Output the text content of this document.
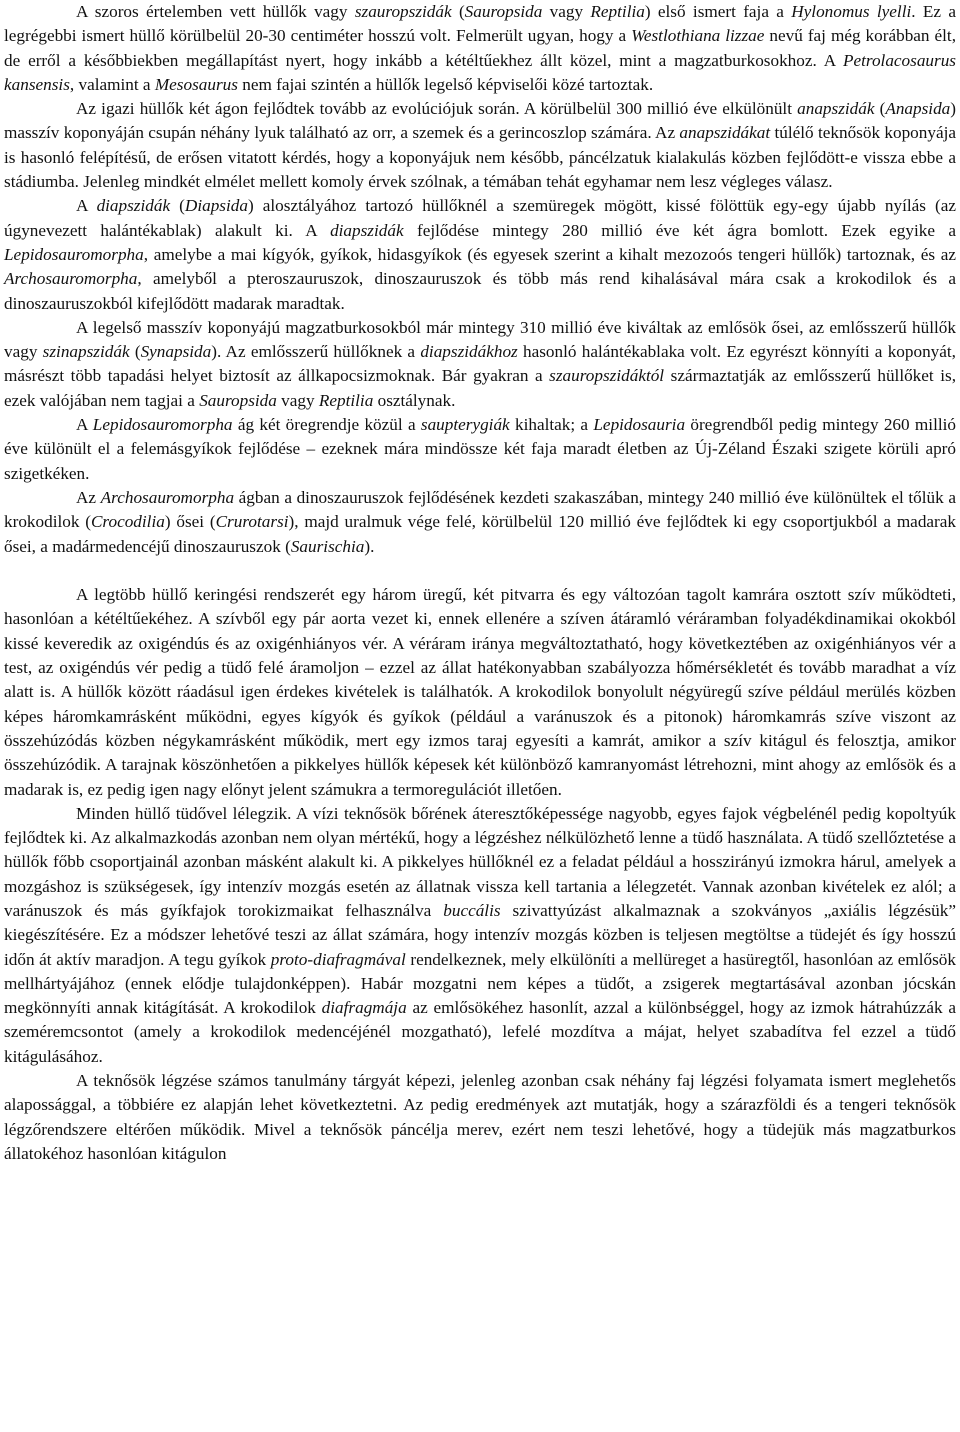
A szoros értelemben vett hüllők vagy szauropszidák (Sauropsida vagy Reptilia) első ismert faja a Hylonomus lyelli. Ez a legrégebbi ismert hüllő körülbelül 20-30 centiméter hosszú volt. Felmerült ugyan, hogy a Westlothiana lizzae nevű faj még korábban élt, de erről a későbbiekben megállapítást nyert, hogy inkább a kétéltűekhez állt közel, mint a magzatburkosokhoz. A Petrolacosaurus kansensis, valamint a Mesosaurus nem fajai szintén a hüllők legelső képviselői közé tartoztak.

Az igazi hüllők két ágon fejlődtek tovább az evolúciójuk során. A körülbelül 300 millió éve elkülönült anapszidák (Anapsida) masszív koponyáján csupán néhány lyuk található az orr, a szemek és a gerincoszlop számára. Az anapszidákat túlélő teknősök koponyája is hasonló felépítésű, de erősen vitatott kérdés, hogy a koponyájuk nem később, páncélzatuk kialakulás közben fejlődött-e vissza ebbe a stádiumba. Jelenleg mindkét elmélet mellett komoly érvek szólnak, a témában tehát egyhamar nem lesz végleges válasz.

A diapszidák (Diapsida) alosztályához tartozó hüllőknél a szemüregek mögött, kissé fölöttük egy-egy újabb nyílás (az úgynevezett halántékablak) alakult ki. A diapszidák fejlődése mintegy 280 millió éve két ágra bomlott. Ezek egyike a Lepidosauromorpha, amelybe a mai kígyók, gyíkok, hidasgyíkok (és egyesek szerint a kihalt mezozoós tengeri hüllők) tartoznak, és az Archosauromorpha, amelyből a pteroszauruszok, dinoszauruszok és több más rend kihalásával mára csak a krokodilok és a dinoszauruszokból kifejlődött madarak maradtak.

A legelső masszív koponyájú magzatburkosokból már mintegy 310 millió éve kiváltak az emlősök ősei, az emlősszerű hüllők vagy szinapszidák (Synapsida). Az emlősszerű hüllőknek a diapszidákhoz hasonló halántékablaka volt. Ez egyrészt könnyíti a koponyát, másrészt több tapadási helyet biztosít az állkapocsizmoknak. Bár gyakran a szauropszidáktól származtatják az emlősszerű hüllőket is, ezek valójában nem tagjai a Sauropsida vagy Reptilia osztálynak.

A Lepidosauromorpha ág két öregrendje közül a saupterygiák kihaltak; a Lepidosauria öregrendből pedig mintegy 260 millió éve különült el a felemásgyíkok fejlődése – ezeknek mára mindössze két faja maradt életben az Új-Zéland Északi szigete körüli apró szigetkéken.

Az Archosauromorpha ágban a dinoszauruszok fejlődésének kezdeti szakaszában, mintegy 240 millió éve különültek el tőlük a krokodilok (Crocodilia) ősei (Crurotarsi), majd uralmuk vége felé, körülbelül 120 millió éve fejlődtek ki egy csoportjukból a madarak ősei, a madármedencéjű dinoszauruszok (Saurischia).

A legtöbb hüllő keringési rendszerét egy három üregű, két pitvarra és egy változóan tagolt kamrára osztott szív működteti, hasonlóan a kétéltűekéhez. A szívből egy pár aorta vezet ki, ennek ellenére a szíven átáramló véráramban folyadékdinamikai okokból kissé keveredik az oxigéndús és az oxigénhiányos vér. A véráram iránya megváltoztatható, hogy következtében az oxigénhiányos vér a test, az oxigéndús vér pedig a tüdő felé áramoljon – ezzel az állat hatékonyabban szabályozza hőmérsékletét és tovább maradhat a víz alatt is. A hüllők között ráadásul igen érdekes kivételek is találhatók. A krokodilok bonyolult négyüregű szíve például merülés közben képes háromkamrásként működni, egyes kígyók és gyíkok (például a varánuszok és a pitonok) háromkamrás szíve viszont az összehúzódás közben négykamrásként működik, mert egy izmos taraj egyesíti a kamrát, amikor a szív kitágul és felosztja, amikor összehúzódik. A tarajnak köszönhetően a pikkelyes hüllők képesek két különböző kamranyomást létrehozni, mint ahogy az emlősök és a madarak is, ez pedig igen nagy előnyt jelent számukra a termoregulációt illetően.

Minden hüllő tüdővel lélegzik. A vízi teknősök bőrének áteresztőképessége nagyobb, egyes fajok végbelénél pedig kopoltyúk fejlődtek ki. Az alkalmazkodás azonban nem olyan mértékű, hogy a légzéshez nélkülözhető lenne a tüdő használata. A tüdő szellőztetése a hüllők főbb csoportjainál azonban másként alakult ki. A pikkelyes hüllőknél ez a feladat például a hosszirányú izmokra hárul, amelyek a mozgáshoz is szükségesek, így intenzív mozgás esetén az állatnak vissza kell tartania a lélegzetét. Vannak azonban kivételek ez alól; a varánuszok és más gyíkfajok torokizmaikat felhasználva buccális szivattyúzást alkalmaznak a szokványos „axiális légzésük” kiegészítésére. Ez a módszer lehetővé teszi az állat számára, hogy intenzív mozgás közben is teljesen megtöltse a tüdejét és így hosszú időn át aktív maradjon. A tegu gyíkok proto-diafragmával rendelkeznek, mely elkülöníti a mellüreget a hasüregtől, hasonlóan az emlősök mellhártyájához (ennek elődje tulajdonképpen). Habár mozgatni nem képes a tüdőt, a zsigerek megtartásával azonban jócskán megkönnyíti annak kitágítását. A krokodilok diafragmája az emlősökéhez hasonlít, azzal a különbséggel, hogy az izmok hátrahúzzák a szeméremcsontot (amely a krokodilok medencéjénél mozgatható), lefelé mozdítva a májat, helyet szabadítva fel ezzel a tüdő kitágulásához.

A teknősök légzése számos tanulmány tárgyát képezi, jelenleg azonban csak néhány faj légzési folyamata ismert meglehetős alapossággal, a többiére ez alapján lehet következtetni. Az pedig eredmények azt mutatják, hogy a szárazföldi és a tengeri teknősök légzőrendszere eltérően működik. Mivel a teknősök páncélja merev, ezért nem teszi lehetővé, hogy a tüdejük más magzatburkos állatokéhoz hasonlóan kitágulon
